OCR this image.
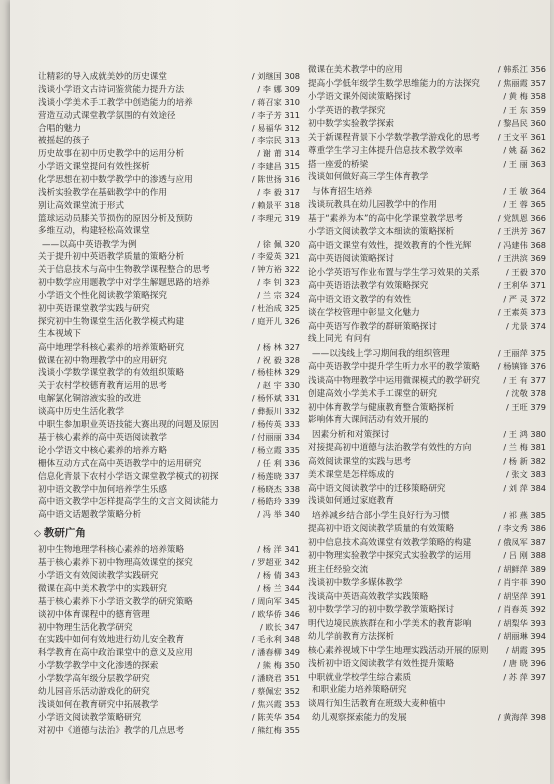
让精彩的导入成就美妙的历史课堂	/ 刘继国 308
浅谈小学语文古诗词鉴赏能力提升方法	/ 李 娜 309
浅谈小学美术手工教学中创造能力的培养	/ 蒋召家 310
营造互动式课堂教学氛围的有效途径	/ 李子芳 311
合唱的魅力	/ 易福华 312
被摇起的孩子	/ 李宗民 313
历史故事在初中历史教学中的运用分析	/ 谢 莆 314
小学语文课堂提问有效性探析	/ 李建昌 315
化学思想在初中数学教学中的渗透与应用	/ 陈世扬 316
浅析实验教学在基础教学中的作用	/ 李 毅 317
别让高效课堂流于形式	/ 赖景平 318
篮球运动员膝关节损伤的原因分析及预防	/ 李理元 319
多维互动，构建轻松高效课堂
——以高中英语教学为例	/ 徐 佩 320
关于提升初中英语教学质量的策略分析	/ 李爱英 321
关于信息技术与高中生物教学课程整合的思考	/ 钟方裕 322
初中数学应用题教学中对学生解题思路的培养	/ 李 钊 323
小学语文个性化阅读教学策略探究	/ 兰 宗 324
初中英语课堂教学实践与研究	/ 杜治成 325
探究初中生物课堂生活化教学模式构建	/ 庭开儿 326
生本视域下
高中地理学科核心素养的培养策略研究	/ 杨 林 327
做课在初中物理教学中的应用研究	/ 祝 毅 328
浅谈小学数学课堂教学的有效组织策略	/ 杨桂林 329
关于农村学校德育教育运用的思考	/ 赵 宇 330
电解氯化铜溶液实验的改进	/ 杨怀斌 331
谈高中历史生活化教学	/ 彝振川 332
中职生参加职业英语技能大赛出现的问题及原因	/ 杨传英 333
基于核心素养的高中英语阅读教学	/ 付丽丽 334
论小学语文中核心素养的培养方略	/ 杨立霞 335
栅体互动方式在高中英语教学中的运用研究	/ 任 利 336
信息化背景下农村小学语文课堂教学模式的初探	/ 杨莲晓 337
初中语文教学中加何培养学生乐感	/ 杨晓杰 338
高中语文教学中怎样提高学生的文言文阅读能力	/ 杨皓玲 339
高中语文话题教学策略分析	/ 冯 举 340
◇ 教研广角
初中生物地理学科核心素养的培养策略	/ 杨 洋 341
基于核心素养下初中物理高效课堂的探究	/ 罗超亚 342
小学语文有效阅读教学实践研究	/ 杨 倩 343
微课在高中美术教学中的实践研究	/ 杨 兰 344
基于核心素养下小学语文教学的研究策略	/ 周向军 345
谈初中体育课程中的德育管理	/ 欧华侨 346
初中物理生活化教学研究	/ 欧长 347
在实践中如何有效地进行幼儿安全教育	/ 毛永利 348
科学教育在高中政治课堂中的意义及应用	/ 潘春柳 349
小学数学教学中文化渗透的探索	/ 熊 梅 350
小学数学高年级分层教学研究	/ 潘晓君 351
幼儿园音乐活动游戏化的研究	/ 蔡佩宏 352
浅谈如何在教育研究中拓展教学	/ 焦兴霞 353
小学语文阅读教学策略研究	/ 陈芙华 354
对初中《道德与法治》教学的几点思考	/ 熊红梅 355
微课在美术教学中的应用	/ 韩系江 356
提高小学低年级学生数学思维能力的方法探究	/ 焦丽霞 357
小学语文课外阅读策略探讨	/ 黄 梅 358
小学英语的教学探究	/ 王 东 359
初中数学实验教学探索	/ 黎昌民 360
关于新课程背景下小学数学教学游戏化的思考	/ 王文平 361
尊重学生学习主体提升信息技术教学效率	/ 姚 磊 362
搭一座爱的桥梁	/ 王 丽 363
浅谈如何做好高三学生体育教学
与体育招生培养	/ 王 敏 364
浅谈玩教具在幼儿园教学中的作用	/ 王 蓉 365
基于“素养为本”的高中化学课堂教学思考	/ 党凯恩 366
小学语文阅读教学文本细读的策略探析	/ 王洪芳 367
高中语文课堂有效性，提效教育的个性光辉	/ 冯建伟 368
高中英语阅读策略探讨	/ 王洪滨 369
论小学英语写作业布置与学生学习效果的关系	/ 王毅 370
高中英语语法教学有效策略探究	/ 王利华 371
高中语文语文教学的有效性	/ 严 灵 372
谈在学校管理中彰显文化魅力	/ 王素英 373
高中英语写作教学的群研策略探讨	/ 尤景 374
线上同光 有问有
——以浅线上学习期间我的组织管理	/ 王丽萍 375
高中英语教学中提升学生听力水平的教学策略	/ 杨镇锋 376
浅谈高中物理教学中运用微课模式的教学研究	/ 王 有 377
创建高效小学美术手工课堂的研究	/ 沈敬 378
初中体育教学与健康教育整合策略探析	/ 王旺 379
影响体育大课间活动有效开展的
因素分析和对策探讨	/ 王 鸿 380
对接提高初中道德与法治教学有效性的方向	/ 兰 梅 381
高效阅读课堂的实践与思考	/ 杨 新 382
美术课堂是怎样炼成的	/ 张文 383
高中语文阅读教学中的迁移策略研究	/ 刘 萍 384
浅谈如何通过家庭教育
培养减乡结合部小学生良好行为习惯	/ 祁 燕 385
提高初中语文阅读教学质量的有效策略	/ 李文秀 386
初中信息技术高效课堂有效教学策略的构建	/ 俄凤军 387
初中物理实验教学中探究式实验教学的运用	/ 吕 刚 388
班主任经验交流	/ 胡鲜萍 389
浅谈初中数学多媒体教学	/ 肖宇菲 390
浅谈高中英语高效教学实践策略	/ 胡坚萍 391
初中数学学习的初中数学教学策略探讨	/ 肖春英 392
明代边境民族族群在和小学美术的教育影响	/ 胡梨华 393
幼儿学前教育方法探析	/ 胡丽琳 394
核心素养视域下中学生地理实践活动开展的原则	/ 胡霞 395
浅析初中语文阅读教学有效性提升策略	/ 唐 晓 396
中职就业学校学生综合素质	/ 苏 萍 397
和职业能力培养策略研究
谈周行知生活教育在班级大麦种植中
幼儿观察探索能力的发展	/ 黄海萍 398
